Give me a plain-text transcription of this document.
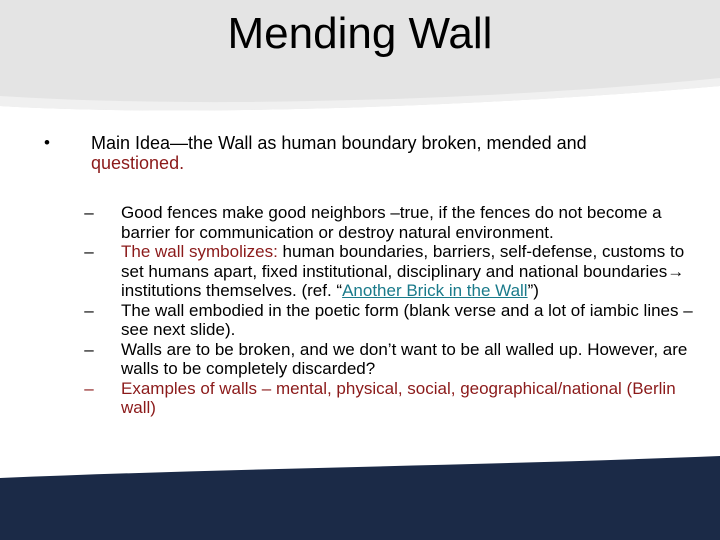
Mending Wall
• Main Idea—the Wall as human boundary broken, mended and questioned.
– Good fences make good neighbors –true, if the fences do not become a barrier for communication or destroy natural environment.
– The wall symbolizes: human boundaries, barriers, self-defense, customs to set humans apart, fixed institutional, disciplinary and national boundaries→ institutions themselves. (ref. “Another Brick in the Wall”)
– The wall embodied in the poetic form (blank verse and a lot of iambic lines – see next slide).
– Walls are to be broken, and we don’t want to be all walled up. However, are walls to be completely discarded?
– Examples of walls – mental, physical, social, geographical/national (Berlin wall)
